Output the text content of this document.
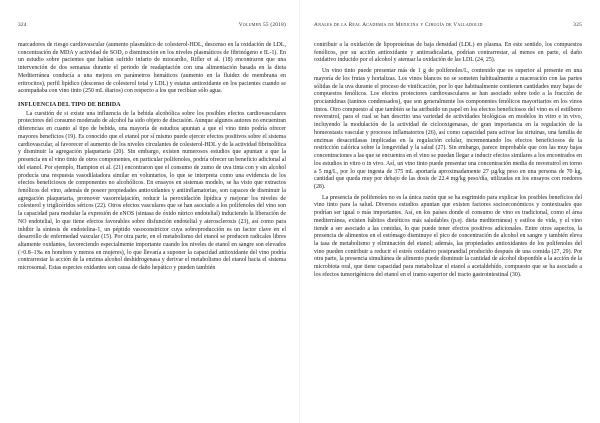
324	Volumen 55 (2018)

marcadores de riesgo cardiovascular (aumento plasmático de colesterol-HDL, descenso en la oxidación de LDL, concentración de MDA y actividad de SOD, o disminución en los niveles plasmáticos de fibrinógeno e IL-1). En un estudio sobre pacientes que habían sufrido infarto de miocardio, Rifler et al. (18) encontraron que una intervención de dos semanas durante el periodo de readaptación con una alimentación basada en la dieta Mediterránea conducía a una mejora en parámetros hemáticos (aumento en la fluidez de membrana en eritrocitos), perfil lipídico (descenso de colesterol total y LDL) y estatus antioxidante en los pacientes cuando se acompañaba con vino tinto (250 mL diarios) con respecto a los que recibían sólo agua.

INFLUENCIA DEL TIPO DE BEBIDA

La cuestión de si existe una influencia de la bebida alcohólica sobre los posibles efectos cardiovasculares protectores del consumo moderado de alcohol ha sido objeto de discusión. Aunque algunos autores no encuentran diferencias en cuanto al tipo de bebida, una mayoría de estudios apuntan a que el vino tinto podría ofrecer mayores beneficios (19). Es conocido que el etanol por sí mismo puede ejercer efectos positivos sobre el sistema cardiovascular, al favorecer el aumento de los niveles circulantes de colesterol-HDL y de la actividad fibrinolítica y disminuir la agregación plaquetaria (20). Sin embargo, existen numerosos estudios que apuntan a que la presencia en el vino tinto de otros componentes, en particular polifenoles, podría ofrecer un beneficio adicional al del etanol. Por ejemplo, Hampton et al. (21) encontraron que el consumo de zumo de uva tinta con y sin alcohol producía una respuesta vasodilatadora similar en voluntarios, lo que se interpreta como una evidencia de los efectos beneficiosos de componentes no alcohólicos. En ensayos en sistemas modelo, se ha visto que extractos fenólicos del vino, además de poseer propiedades antioxidantes y antiinflamatorias, son capaces de disminuir la agregación plaquetaria, promover vasorrelajación, reducir la peroxidación lipídica y mejorar los niveles de colesterol y triglicéridos séricos (22). Otros efectos vasculares que se han asociado a los polifenoles del vino son la capacidad para modular la expresión de eNOS (sintasa de óxido nítrico endotelial) induciendo la liberación de NO endotelial, lo que tiene efectos favorables sobre disfunción endotelial y aterosclerosis (23), así como para inhibir la síntesis de endotelina-1, un péptido vasoconstrictor cuya sobreproducción es un factor clave en el desarrollo de enfermedad vascular (15). Por otra parte, en el metabolismo del etanol se producen radicales libres altamente oxidantes, favoreciendo especialmente importante cuando los niveles de etanol en sangre son elevados (>0.8–1‰ en hombres y menos en mujeres), lo que llevaría a suponer la capacidad antioxidante del vino podría contrarrestar la acción de la enzima alcohol deshidrogenasa y derivar el metabolismo del etanol hacia el sistema microsomal. Estas especies oxidantes son causa de daño hepático y pueden también

Anales de la Real Academia de Medicina y Cirugía de Valladolid	325

contribuir a la oxidación de lipoproteínas de baja densidad (LDL) en plasma. En este sentido, los compuestos fenólicos, por su acción antioxidante y antirradicalaria, podrían contrarrestar, al menos en parte, el daño oxidativo inducido por el alcohol y atenuar la oxidación de las LDL (24, 25).

Un vino tinto puede presentar más de 1 g de polifenoles/L, contenido que es superior al presente en una mayoría de los frutas y hortalizas. Los vinos blancos no se someten habitualmente a maceración con las partes sólidas de la uva durante el proceso de vinificación, por lo que habitualmente contienen cantidades muy bajas de compuestos fenólicos. Los efectos protectores cardiovasculares se han asociado sobre todo a la fracción de procianidinas (taninos condensados), que son generalmente los componentes fenólicos mayoritarios en los vinos tintos. Otro compuesto al que también se ha atribuido un papel en los efectos beneficiosos del vino es el estilbeno resveratrol, para el cual se han descrito una variedad de actividades biológicas en modelos in vitro e in vivo, incluyendo la modulación de la actividad de ciclooxigenasas, de gran importancia en la regulación de la homeostasis vascular y procesos inflamatorios (26), así como capacidad para activar las sirtuinas, una familia de enzimas desacetilasas implicadas en la regulación celular, incrementando los efectos beneficiosos de la restricción calórica sobre la longevidad y la salud (27). Sin embargo, parece improbable que con las muy bajas concentraciones a las que se encuentra en el vino se puedan llegar a inducir efectos similares a los encontrados en los estudios in vitro o in vivo. Así, un vino tinto puede presentar una concentración media de resveratrol en torno a 5 mg/L, por lo que ingesta de 375 mL aportaría aproximadamente 27 µg/kg peso en una persona de 70 kg, cantidad que queda muy por debajo de las dosis de 22.4 mg/kg peso/día, utilizadas en los ensayos con roedores (28).

La presencia de polifenoles no es la única razón que se ha esgrimido para explicar los posibles beneficios del vino tinto para la salud. Diversos estudios apuntan que existen factores socioeconómicos y contextuales que podrían ser igual o más importantes. Así, en los países donde el consumo de vino es tradicional, como el área mediterránea, existen hábitos dietéticos más saludables (p.ej. dieta mediterránea) y estilos de vida, y el vino tiende a ser asociado a las comidas, lo que puede tener efectos positivos adicionales. Entre otros aspectos, la presencia de alimentos en el estómago disminuye el pico de concentración de alcohol en sangre y también eleva la tasa de metabolismo y eliminación del etanol; además, las propiedades antioxidantes de los polifenoles del vino pueden contribuir a reducir el estrés oxidativo postprandial producido después de una comida (27, 29). Por otra parte, la presencia simultánea de alimento puede disminuir la cantidad de alcohol disponible a la acción de la microbiota oral, que tiene capacidad para metabolizar el etanol a acetaldehído, compuesto que se ha asociado a los efectos tumorigénicos del etanol en el tramo superior del tracto gastrointestinal (30).
